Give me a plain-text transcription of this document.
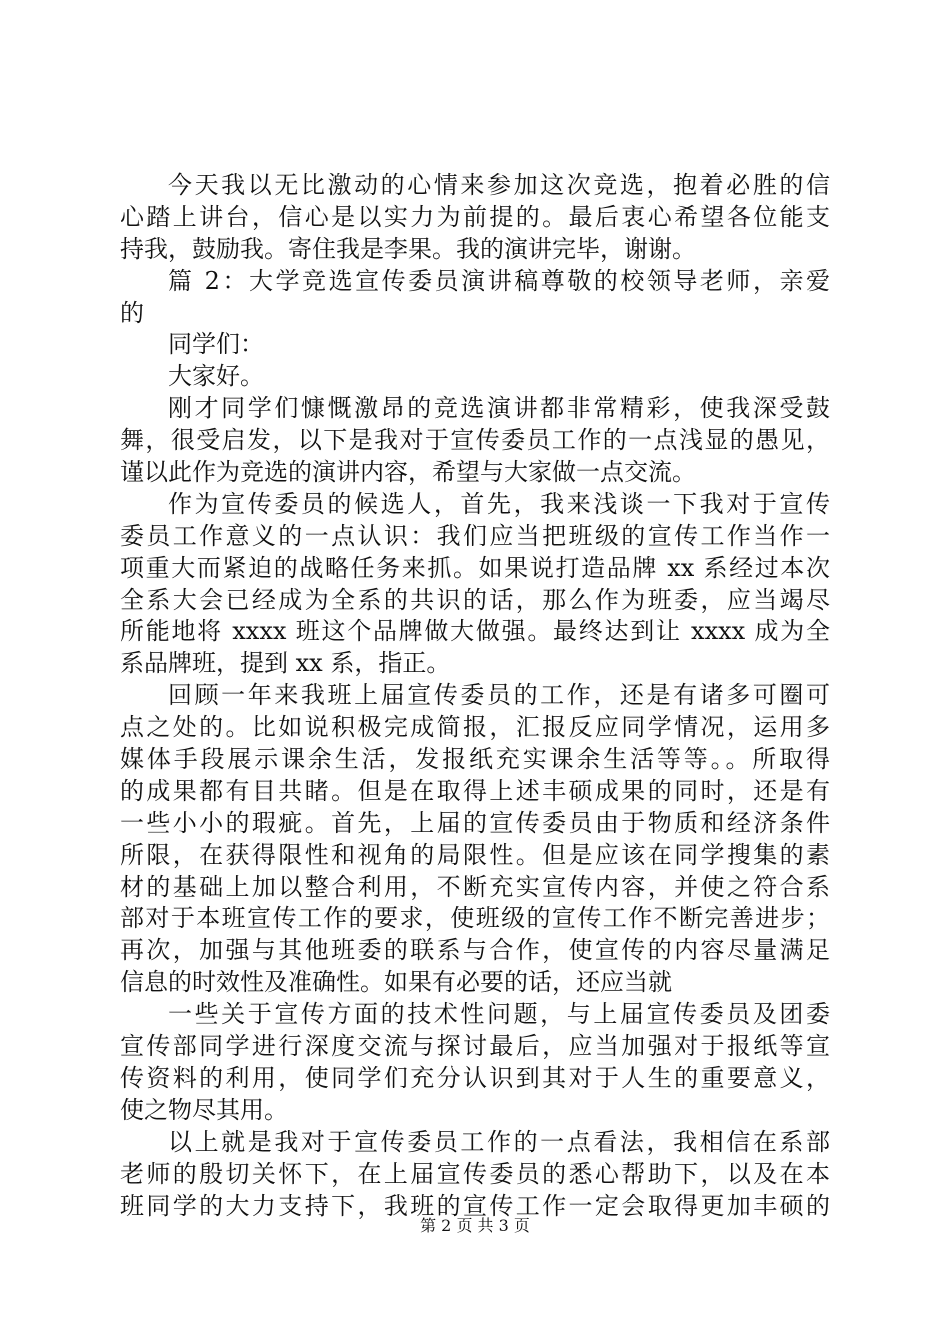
今天我以无比激动的心情来参加这次竞选，抱着必胜的信
心踏上讲台，信心是以实力为前提的。最后衷心希望各位能支
持我，鼓励我。寄住我是李果。我的演讲完毕，谢谢。
篇 2：大学竞选宣传委员演讲稿尊敬的校领导老师，亲爱
的
同学们：
大家好。
刚才同学们慷慨激昂的竞选演讲都非常精彩，使我深受鼓
舞，很受启发，以下是我对于宣传委员工作的一点浅显的愚见，
谨以此作为竞选的演讲内容，希望与大家做一点交流。
作为宣传委员的候选人，首先，我来浅谈一下我对于宣传
委员工作意义的一点认识：我们应当把班级的宣传工作当作一
项重大而紧迫的战略任务来抓。如果说打造品牌 xx 系经过本次
全系大会已经成为全系的共识的话，那么作为班委，应当竭尽
所能地将 xxxx 班这个品牌做大做强。最终达到让 xxxx 成为全
系品牌班，提到 xx 系，指正。
回顾一年来我班上届宣传委员的工作，还是有诸多可圈可
点之处的。比如说积极完成简报，汇报反应同学情况，运用多
媒体手段展示课余生活，发报纸充实课余生活等等。。所取得
的成果都有目共睹。但是在取得上述丰硕成果的同时，还是有
一些小小的瑕疵。首先，上届的宣传委员由于物质和经济条件
所限，在获得限性和视角的局限性。但是应该在同学搜集的素
材的基础上加以整合利用，不断充实宣传内容，并使之符合系
部对于本班宣传工作的要求，使班级的宣传工作不断完善进步；
再次，加强与其他班委的联系与合作，使宣传的内容尽量满足
信息的时效性及准确性。如果有必要的话，还应当就
一些关于宣传方面的技术性问题，与上届宣传委员及团委
宣传部同学进行深度交流与探讨最后，应当加强对于报纸等宣
传资料的利用，使同学们充分认识到其对于人生的重要意义，
使之物尽其用。
以上就是我对于宣传委员工作的一点看法，我相信在系部
老师的殷切关怀下，在上届宣传委员的悉心帮助下，以及在本
班同学的大力支持下，我班的宣传工作一定会取得更加丰硕的
第 2 页 共 3 页
